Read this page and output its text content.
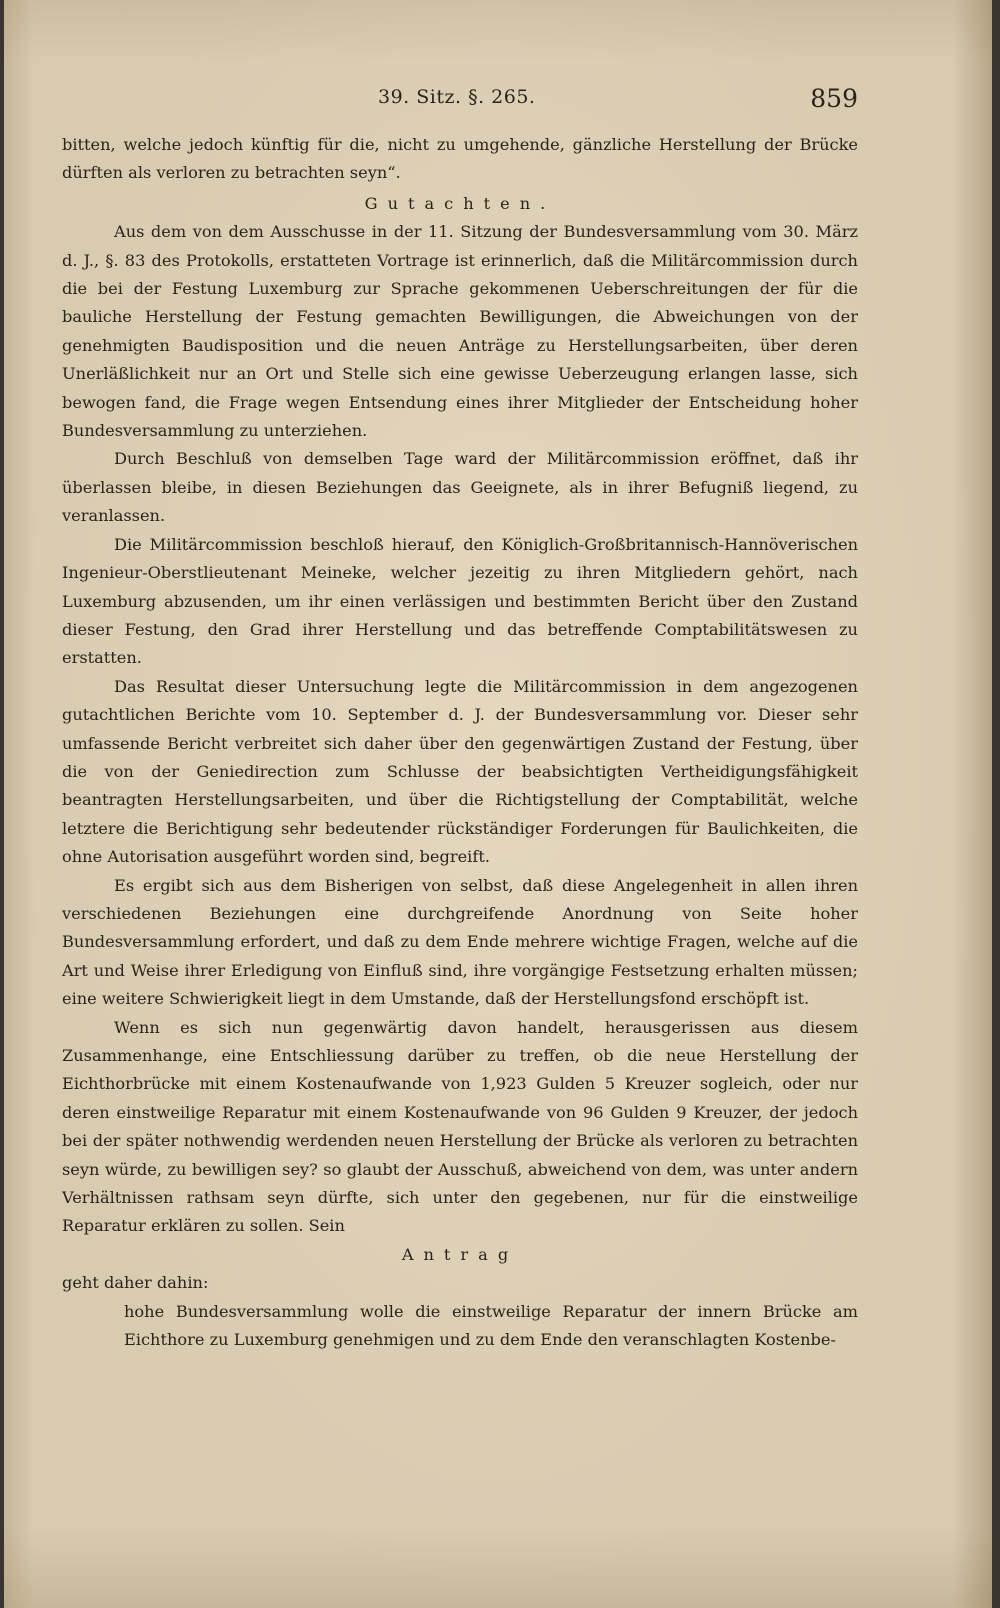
39. Sitz. §. 265.	859

bitten, welche jedoch künftig für die, nicht zu umgehende, gänzliche Herstellung der Brücke dürften als verloren zu betrachten seyn“.

Gutachten.

Aus dem von dem Ausschusse in der 11. Sitzung der Bundesversammlung vom 30. März d. J., §. 83 des Protokolls, erstatteten Vortrage ist erinnerlich, daß die Militärcommission durch die bei der Festung Luxemburg zur Sprache gekommenen Ueberschreitungen der für die bauliche Herstellung der Festung gemachten Bewilligungen, die Abweichungen von der genehmigten Baudisposition und die neuen Anträge zu Herstellungsarbeiten, über deren Unerläßlichkeit nur an Ort und Stelle sich eine gewisse Ueberzeugung erlangen lasse, sich bewogen fand, die Frage wegen Entsendung eines ihrer Mitglieder der Entscheidung hoher Bundesversammlung zu unterziehen.

Durch Beschluß von demselben Tage ward der Militärcommission eröffnet, daß ihr überlassen bleibe, in diesen Beziehungen das Geeignete, als in ihrer Befugniß liegend, zu veranlassen.

Die Militärcommission beschloß hierauf, den Königlich-Großbritannisch-Hannöverischen Ingenieur-Oberstlieutenant Meineke, welcher jezeitig zu ihren Mitgliedern gehört, nach Luxemburg abzusenden, um ihr einen verlässigen und bestimmten Bericht über den Zustand dieser Festung, den Grad ihrer Herstellung und das betreffende Comptabilitätswesen zu erstatten.

Das Resultat dieser Untersuchung legte die Militärcommission in dem angezogenen gutachtlichen Berichte vom 10. September d. J. der Bundesversammlung vor. Dieser sehr umfassende Bericht verbreitet sich daher über den gegenwärtigen Zustand der Festung, über die von der Geniedirection zum Schlusse der beabsichtigten Vertheidigungsfähigkeit beantragten Herstellungsarbeiten, und über die Richtigstellung der Comptabilität, welche letztere die Berichtigung sehr bedeutender rückständiger Forderungen für Baulichkeiten, die ohne Autorisation ausgeführt worden sind, begreift.

Es ergibt sich aus dem Bisherigen von selbst, daß diese Angelegenheit in allen ihren verschiedenen Beziehungen eine durchgreifende Anordnung von Seite hoher Bundesversammlung erfordert, und daß zu dem Ende mehrere wichtige Fragen, welche auf die Art und Weise ihrer Erledigung von Einfluß sind, ihre vorgängige Festsetzung erhalten müssen; eine weitere Schwierigkeit liegt in dem Umstande, daß der Herstellungsfond erschöpft ist.

Wenn es sich nun gegenwärtig davon handelt, herausgerissen aus diesem Zusammenhange, eine Entschliessung darüber zu treffen, ob die neue Herstellung der Eichthorbrücke mit einem Kostenaufwande von 1,923 Gulden 5 Kreuzer sogleich, oder nur deren einstweilige Reparatur mit einem Kostenaufwande von 96 Gulden 9 Kreuzer, der jedoch bei der später nothwendig werdenden neuen Herstellung der Brücke als verloren zu betrachten seyn würde, zu bewilligen sey? so glaubt der Ausschuß, abweichend von dem, was unter andern Verhältnissen rathsam seyn dürfte, sich unter den gegebenen, nur für die einstweilige Reparatur erklären zu sollen. Sein

Antrag

geht daher dahin:

hohe Bundesversammlung wolle die einstweilige Reparatur der innern Brücke am Eichthore zu Luxemburg genehmigen und zu dem Ende den veranschlagten Kostenbe-
